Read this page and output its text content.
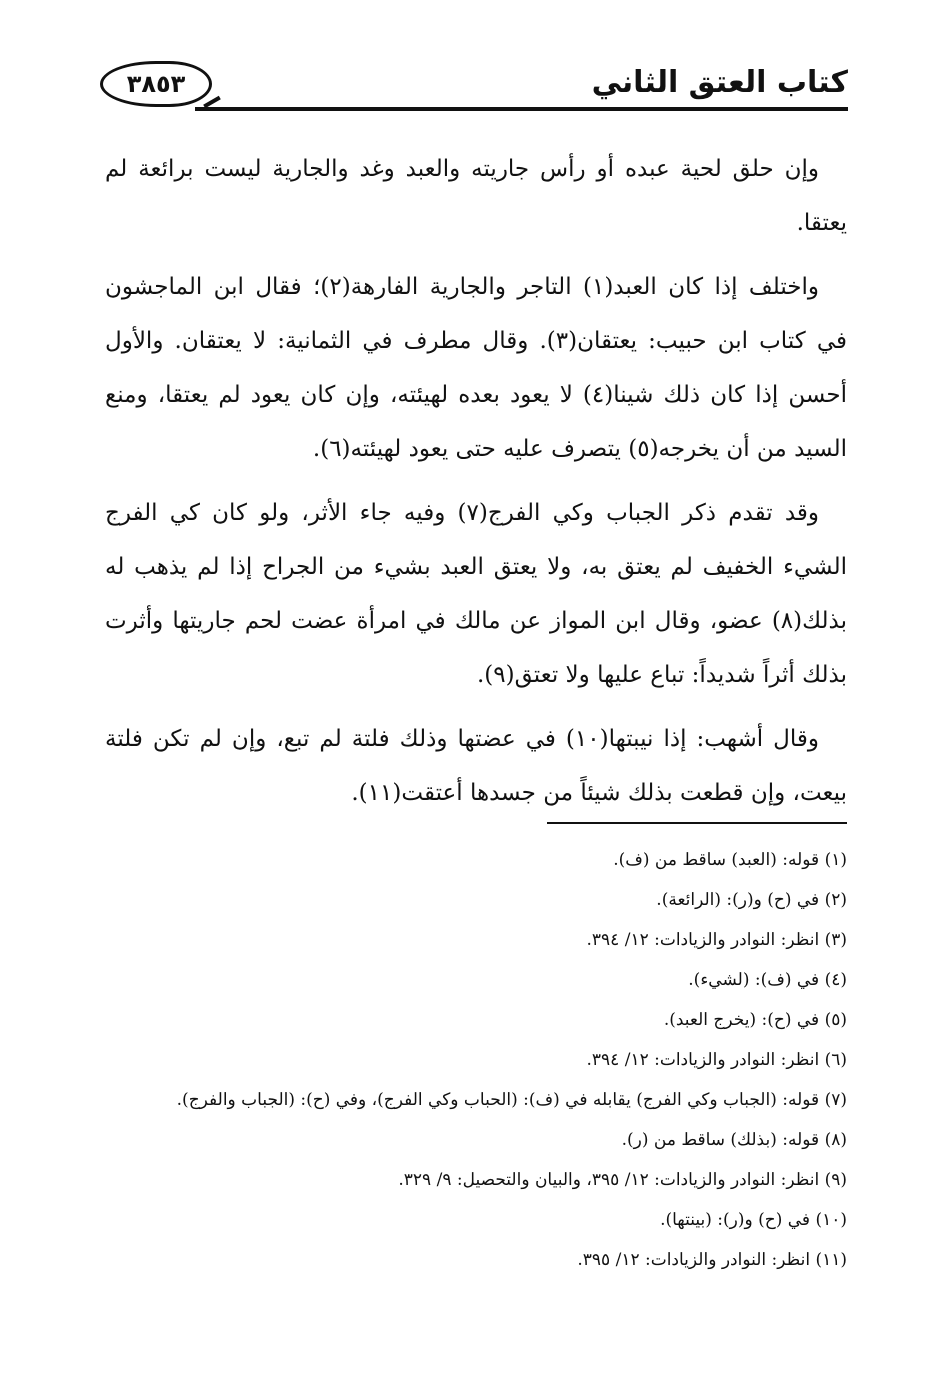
كتاب العتق الثاني
٣٨٥٣

وإن حلق لحية عبده أو رأس جاريته والعبد وغد والجارية ليست برائعة لم يعتقا.

واختلف إذا كان العبد(١) التاجر والجارية الفارهة(٢)؛ فقال ابن الماجشون في كتاب ابن حبيب: يعتقان(٣). وقال مطرف في الثمانية: لا يعتقان. والأول أحسن إذا كان ذلك شينا(٤) لا يعود بعده لهيئته، وإن كان يعود لم يعتقا، ومنع السيد من أن يخرجه(٥) يتصرف عليه حتى يعود لهيئته(٦).

وقد تقدم ذكر الجباب وكي الفرج(٧) وفيه جاء الأثر، ولو كان كي الفرج الشيء الخفيف لم يعتق به، ولا يعتق العبد بشيء من الجراح إذا لم يذهب له بذلك(٨) عضو، وقال ابن المواز عن مالك في امرأة عضت لحم جاريتها وأثرت بذلك أثراً شديداً: تباع عليها ولا تعتق(٩).

وقال أشهب: إذا نيبتها(١٠) في عضتها وذلك فلتة لم تبع، وإن لم تكن فلتة بيعت، وإن قطعت بذلك شيئاً من جسدها أعتقت(١١).

(١) قوله: (العبد) ساقط من (ف).

(٢) في (ح) و(ر): (الرائعة).

(٣) انظر: النوادر والزيادات: ١٢/ ٣٩٤.

(٤) في (ف): (لشيء).

(٥) في (ح): (يخرج العبد).

(٦) انظر: النوادر والزيادات: ١٢/ ٣٩٤.

(٧) قوله: (الجباب وكي الفرج) يقابله في (ف): (الحباب وكي الفرج)، وفي (ح): (الجباب والفرج).

(٨) قوله: (بذلك) ساقط من (ر).

(٩) انظر: النوادر والزيادات: ١٢/ ٣٩٥، والبيان والتحصيل: ٩/ ٣٢٩.

(١٠) في (ح) و(ر): (بينتها).

(١١) انظر: النوادر والزيادات: ١٢/ ٣٩٥.
